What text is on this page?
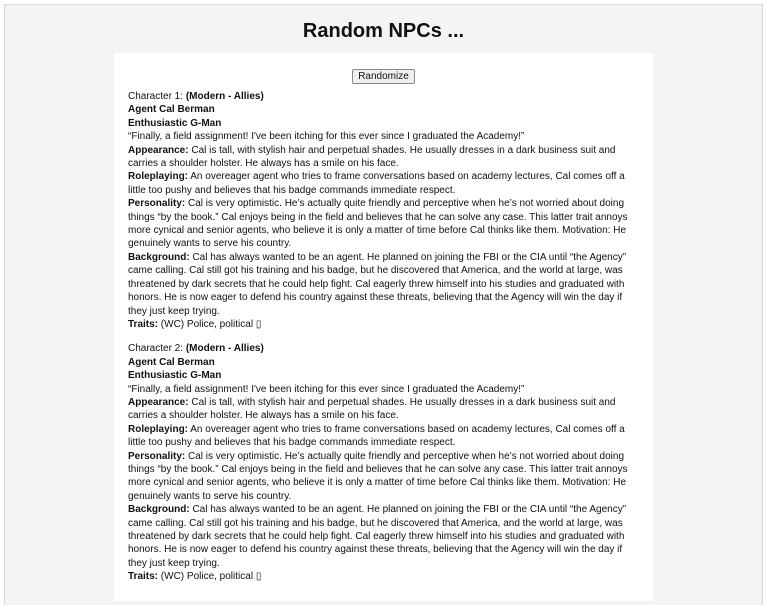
Random NPCs ...
Randomize
Character 1: (Modern - Allies)
Agent Cal Berman
Enthusiastic G-Man
“Finally, a field assignment! I've been itching for this ever since I graduated the Academy!”
Appearance: Cal is tall, with stylish hair and perpetual shades. He usually dresses in a dark business suit and carries a shoulder holster. He always has a smile on his face.
Roleplaying: An overeager agent who tries to frame conversations based on academy lectures, Cal comes off a little too pushy and believes that his badge commands immediate respect.
Personality: Cal is very optimistic. He’s actually quite friendly and perceptive when he’s not worried about doing things “by the book.” Cal enjoys being in the field and believes that he can solve any case. This latter trait annoys more cynical and senior agents, who believe it is only a matter of time before Cal thinks like them. Motivation: He genuinely wants to serve his country.
Background: Cal has always wanted to be an agent. He planned on joining the FBI or the CIA until “the Agency” came calling. Cal still got his training and his badge, but he discovered that America, and the world at large, was threatened by dark secrets that he could help fight. Cal eagerly threw himself into his studies and graduated with honors. He is now eager to defend his country against these threats, believing that the Agency will win the day if they just keep trying.
Traits: (WC) Police, political ▯
Character 2: (Modern - Allies)
Agent Cal Berman
Enthusiastic G-Man
“Finally, a field assignment! I've been itching for this ever since I graduated the Academy!”
Appearance: Cal is tall, with stylish hair and perpetual shades. He usually dresses in a dark business suit and carries a shoulder holster. He always has a smile on his face.
Roleplaying: An overeager agent who tries to frame conversations based on academy lectures, Cal comes off a little too pushy and believes that his badge commands immediate respect.
Personality: Cal is very optimistic. He’s actually quite friendly and perceptive when he’s not worried about doing things “by the book.” Cal enjoys being in the field and believes that he can solve any case. This latter trait annoys more cynical and senior agents, who believe it is only a matter of time before Cal thinks like them. Motivation: He genuinely wants to serve his country.
Background: Cal has always wanted to be an agent. He planned on joining the FBI or the CIA until “the Agency” came calling. Cal still got his training and his badge, but he discovered that America, and the world at large, was threatened by dark secrets that he could help fight. Cal eagerly threw himself into his studies and graduated with honors. He is now eager to defend his country against these threats, believing that the Agency will win the day if they just keep trying.
Traits: (WC) Police, political ▯
